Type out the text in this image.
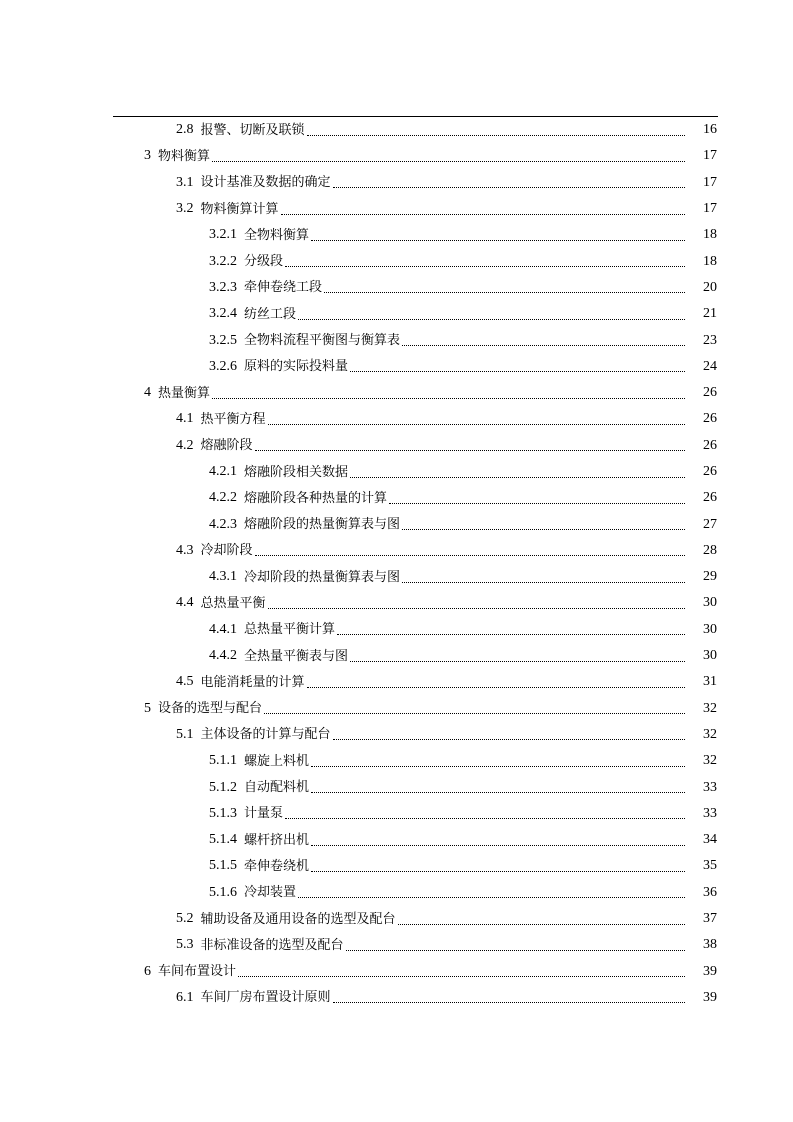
2.8 报警、切断及联锁	16
3 物料衡算	17
3.1 设计基准及数据的确定	17
3.2 物料衡算计算	17
3.2.1 全物料衡算	18
3.2.2 分级段	18
3.2.3 牵伸卷绕工段	20
3.2.4 纺丝工段	21
3.2.5 全物料流程平衡图与衡算表	23
3.2.6 原料的实际投料量	24
4 热量衡算	26
4.1 热平衡方程	26
4.2 熔融阶段	26
4.2.1 熔融阶段相关数据	26
4.2.2 熔融阶段各种热量的计算	26
4.2.3 熔融阶段的热量衡算表与图	27
4.3 冷却阶段	28
4.3.1 冷却阶段的热量衡算表与图	29
4.4 总热量平衡	30
4.4.1 总热量平衡计算	30
4.4.2 全热量平衡表与图	30
4.5 电能消耗量的计算	31
5 设备的选型与配台	32
5.1 主体设备的计算与配台	32
5.1.1 螺旋上料机	32
5.1.2 自动配料机	33
5.1.3 计量泵	33
5.1.4 螺杆挤出机	34
5.1.5 牵伸卷绕机	35
5.1.6 冷却装置	36
5.2 辅助设备及通用设备的选型及配台	37
5.3 非标准设备的选型及配台	38
6 车间布置设计	39
6.1 车间厂房布置设计原则	39
